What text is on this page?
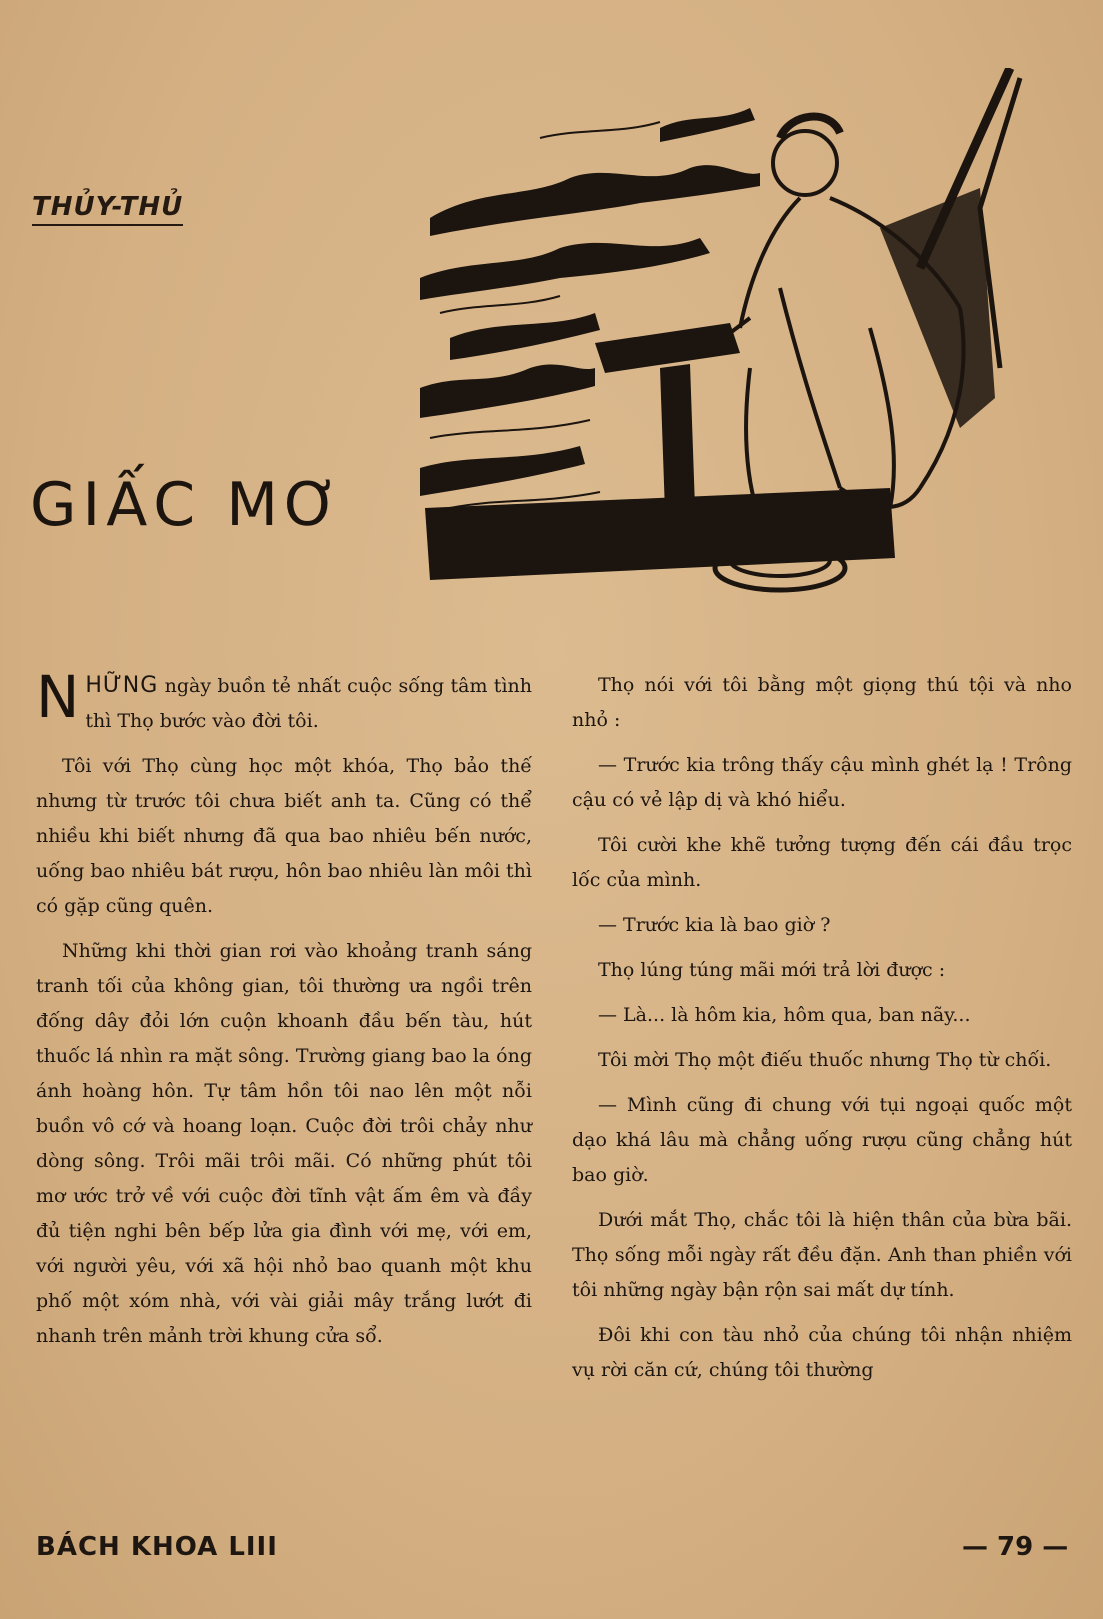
THỦY-THỦ
GIẤC MƠ

NHỮNG ngày buồn tẻ nhất cuộc sống tâm tình thì Thọ bước vào đời tôi.

Tôi với Thọ cùng học một khóa, Thọ bảo thế nhưng từ trước tôi chưa biết anh ta. Cũng có thể nhiều khi biết nhưng đã qua bao nhiêu bến nước, uống bao nhiêu bát rượu, hôn bao nhiêu làn môi thì có gặp cũng quên.

Những khi thời gian rơi vào khoảng tranh sáng tranh tối của không gian, tôi thường ưa ngồi trên đống dây đỏi lớn cuộn khoanh đầu bến tàu, hút thuốc lá nhìn ra mặt sông. Trường giang bao la óng ánh hoàng hôn. Tự tâm hồn tôi nao lên một nỗi buồn vô cớ và hoang loạn. Cuộc đời trôi chảy như dòng sông. Trôi mãi trôi mãi. Có những phút tôi mơ ước trở về với cuộc đời tĩnh vật ấm êm và đầy đủ tiện nghi bên bếp lửa gia đình với mẹ, với em, với người yêu, với xã hội nhỏ bao quanh một khu phố một xóm nhà, với vài giải mây trắng lướt đi nhanh trên mảnh trời khung cửa sổ.

Thọ nói với tôi bằng một giọng thú tội và nho nhỏ :

— Trước kia trông thấy cậu mình ghét lạ ! Trông cậu có vẻ lập dị và khó hiểu.

Tôi cười khe khẽ tưởng tượng đến cái đầu trọc lốc của mình.

— Trước kia là bao giờ ?

Thọ lúng túng mãi mới trả lời được :

— Là... là hôm kia, hôm qua, ban nãy...

Tôi mời Thọ một điếu thuốc nhưng Thọ từ chối.

— Mình cũng đi chung với tụi ngoại quốc một dạo khá lâu mà chẳng uống rượu cũng chẳng hút bao giờ.

Dưới mắt Thọ, chắc tôi là hiện thân của bừa bãi. Thọ sống mỗi ngày rất đều đặn. Anh than phiền với tôi những ngày bận rộn sai mất dự tính.

Đôi khi con tàu nhỏ của chúng tôi nhận nhiệm vụ rời căn cứ, chúng tôi thường

BÁCH KHOA LIII	— 79 —
